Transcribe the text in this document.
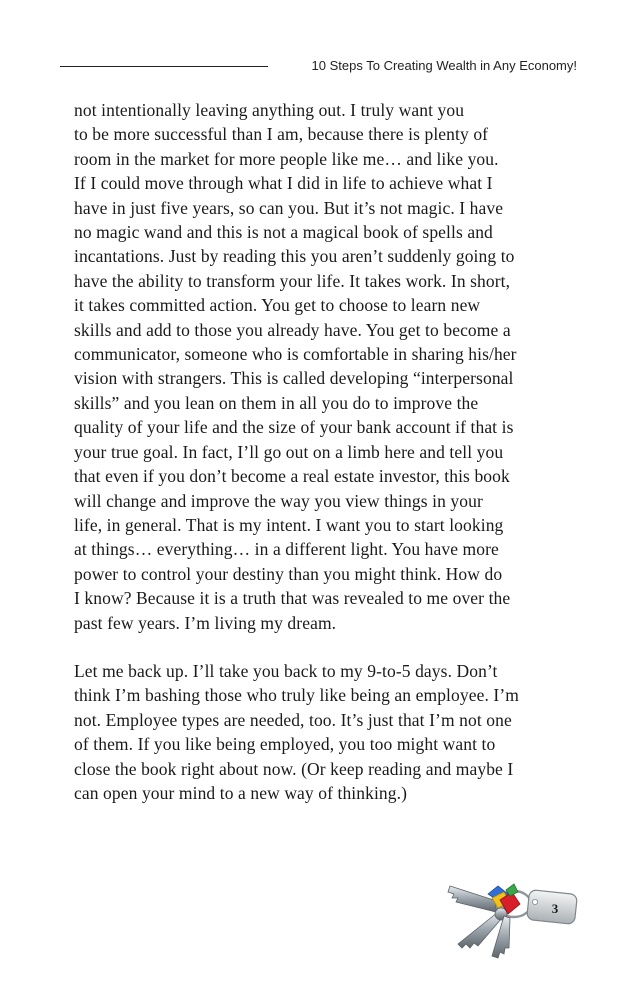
10 Steps To Creating Wealth in Any Economy!
not intentionally leaving anything out. I truly want you
to be more successful than I am, because there is plenty of
room in the market for more people like me… and like you.
If I could move through what I did in life to achieve what I
have in just five years, so can you. But it’s not magic. I have
no magic wand and this is not a magical book of spells and
incantations. Just by reading this you aren’t suddenly going to
have the ability to transform your life. It takes work. In short,
it takes committed action. You get to choose to learn new
skills and add to those you already have. You get to become a
communicator, someone who is comfortable in sharing his/her
vision with strangers. This is called developing “interpersonal
skills” and you lean on them in all you do to improve the
quality of your life and the size of your bank account if that is
your true goal. In fact, I’ll go out on a limb here and tell you
that even if you don’t become a real estate investor, this book
will change and improve the way you view things in your
life, in general. That is my intent. I want you to start looking
at things… everything… in a different light. You have more
power to control your destiny than you might think. How do
I know? Because it is a truth that was revealed to me over the
past few years. I’m living my dream.
Let me back up. I’ll take you back to my 9-to-5 days. Don’t
think I’m bashing those who truly like being an employee. I’m
not. Employee types are needed, too. It’s just that I’m not one
of them. If you like being employed, you too might want to
close the book right about now. (Or keep reading and maybe I
can open your mind to a new way of thinking.)
3
